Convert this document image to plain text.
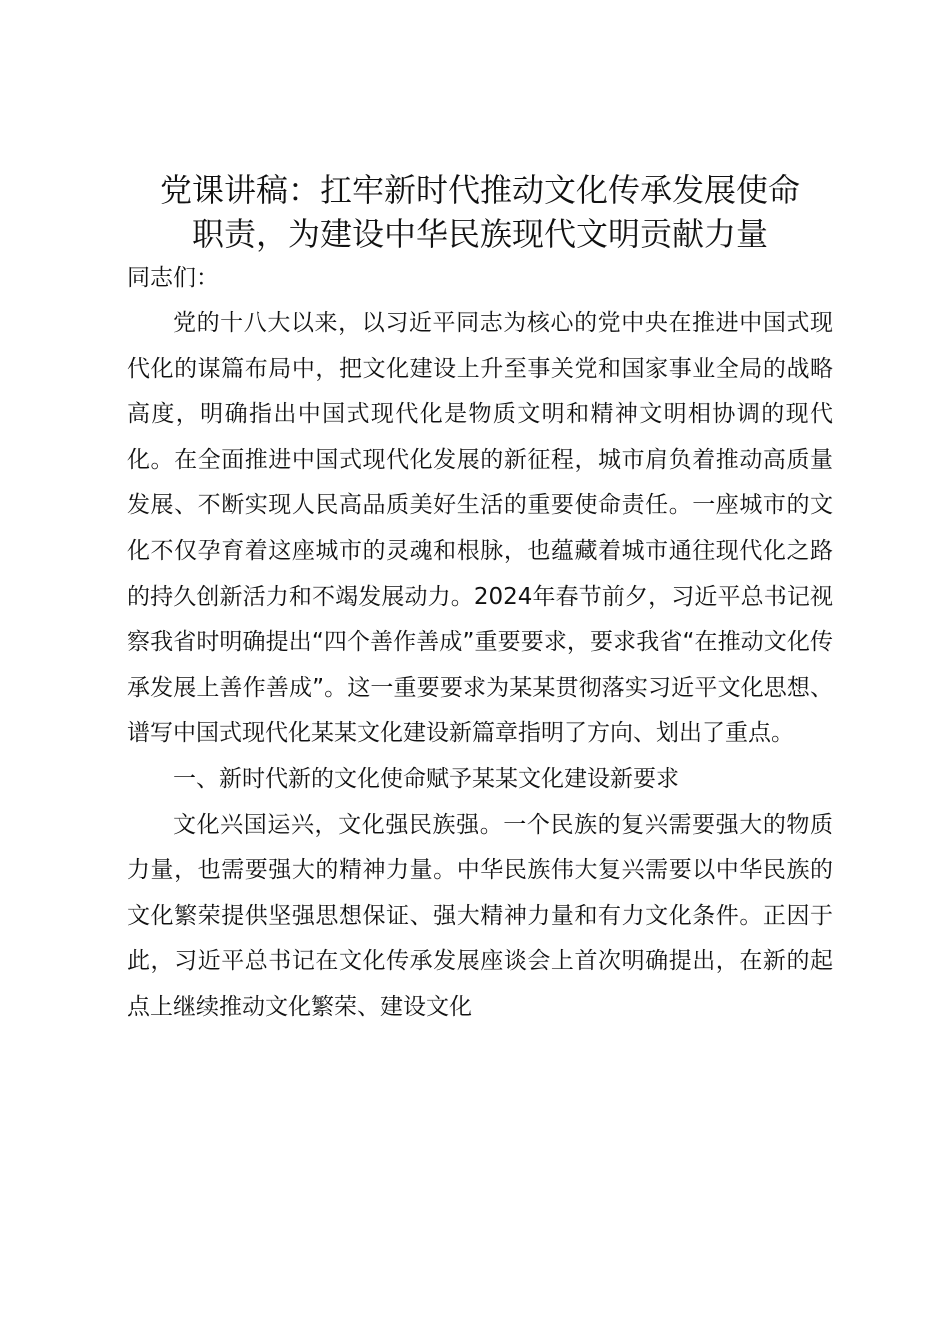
党课讲稿：扛牢新时代推动文化传承发展使命
职责，为建设中华民族现代文明贡献力量

同志们：

党的十八大以来，以习近平同志为核心的党中央在推进中国式现代化的谋篇布局中，把文化建设上升至事关党和国家事业全局的战略高度，明确指出中国式现代化是物质文明和精神文明相协调的现代化。在全面推进中国式现代化发展的新征程，城市肩负着推动高质量发展、不断实现人民高品质美好生活的重要使命责任。一座城市的文化不仅孕育着这座城市的灵魂和根脉，也蕴藏着城市通往现代化之路的持久创新活力和不竭发展动力。2024年春节前夕，习近平总书记视察我省时明确提出“四个善作善成”重要要求，要求我省“在推动文化传承发展上善作善成”。这一重要要求为某某贯彻落实习近平文化思想、谱写中国式现代化某某文化建设新篇章指明了方向、划出了重点。

一、新时代新的文化使命赋予某某文化建设新要求

文化兴国运兴，文化强民族强。一个民族的复兴需要强大的物质力量，也需要强大的精神力量。中华民族伟大复兴需要以中华民族的文化繁荣提供坚强思想保证、强大精神力量和有力文化条件。正因于此，习近平总书记在文化传承发展座谈会上首次明确提出，在新的起点上继续推动文化繁荣、建设文化
